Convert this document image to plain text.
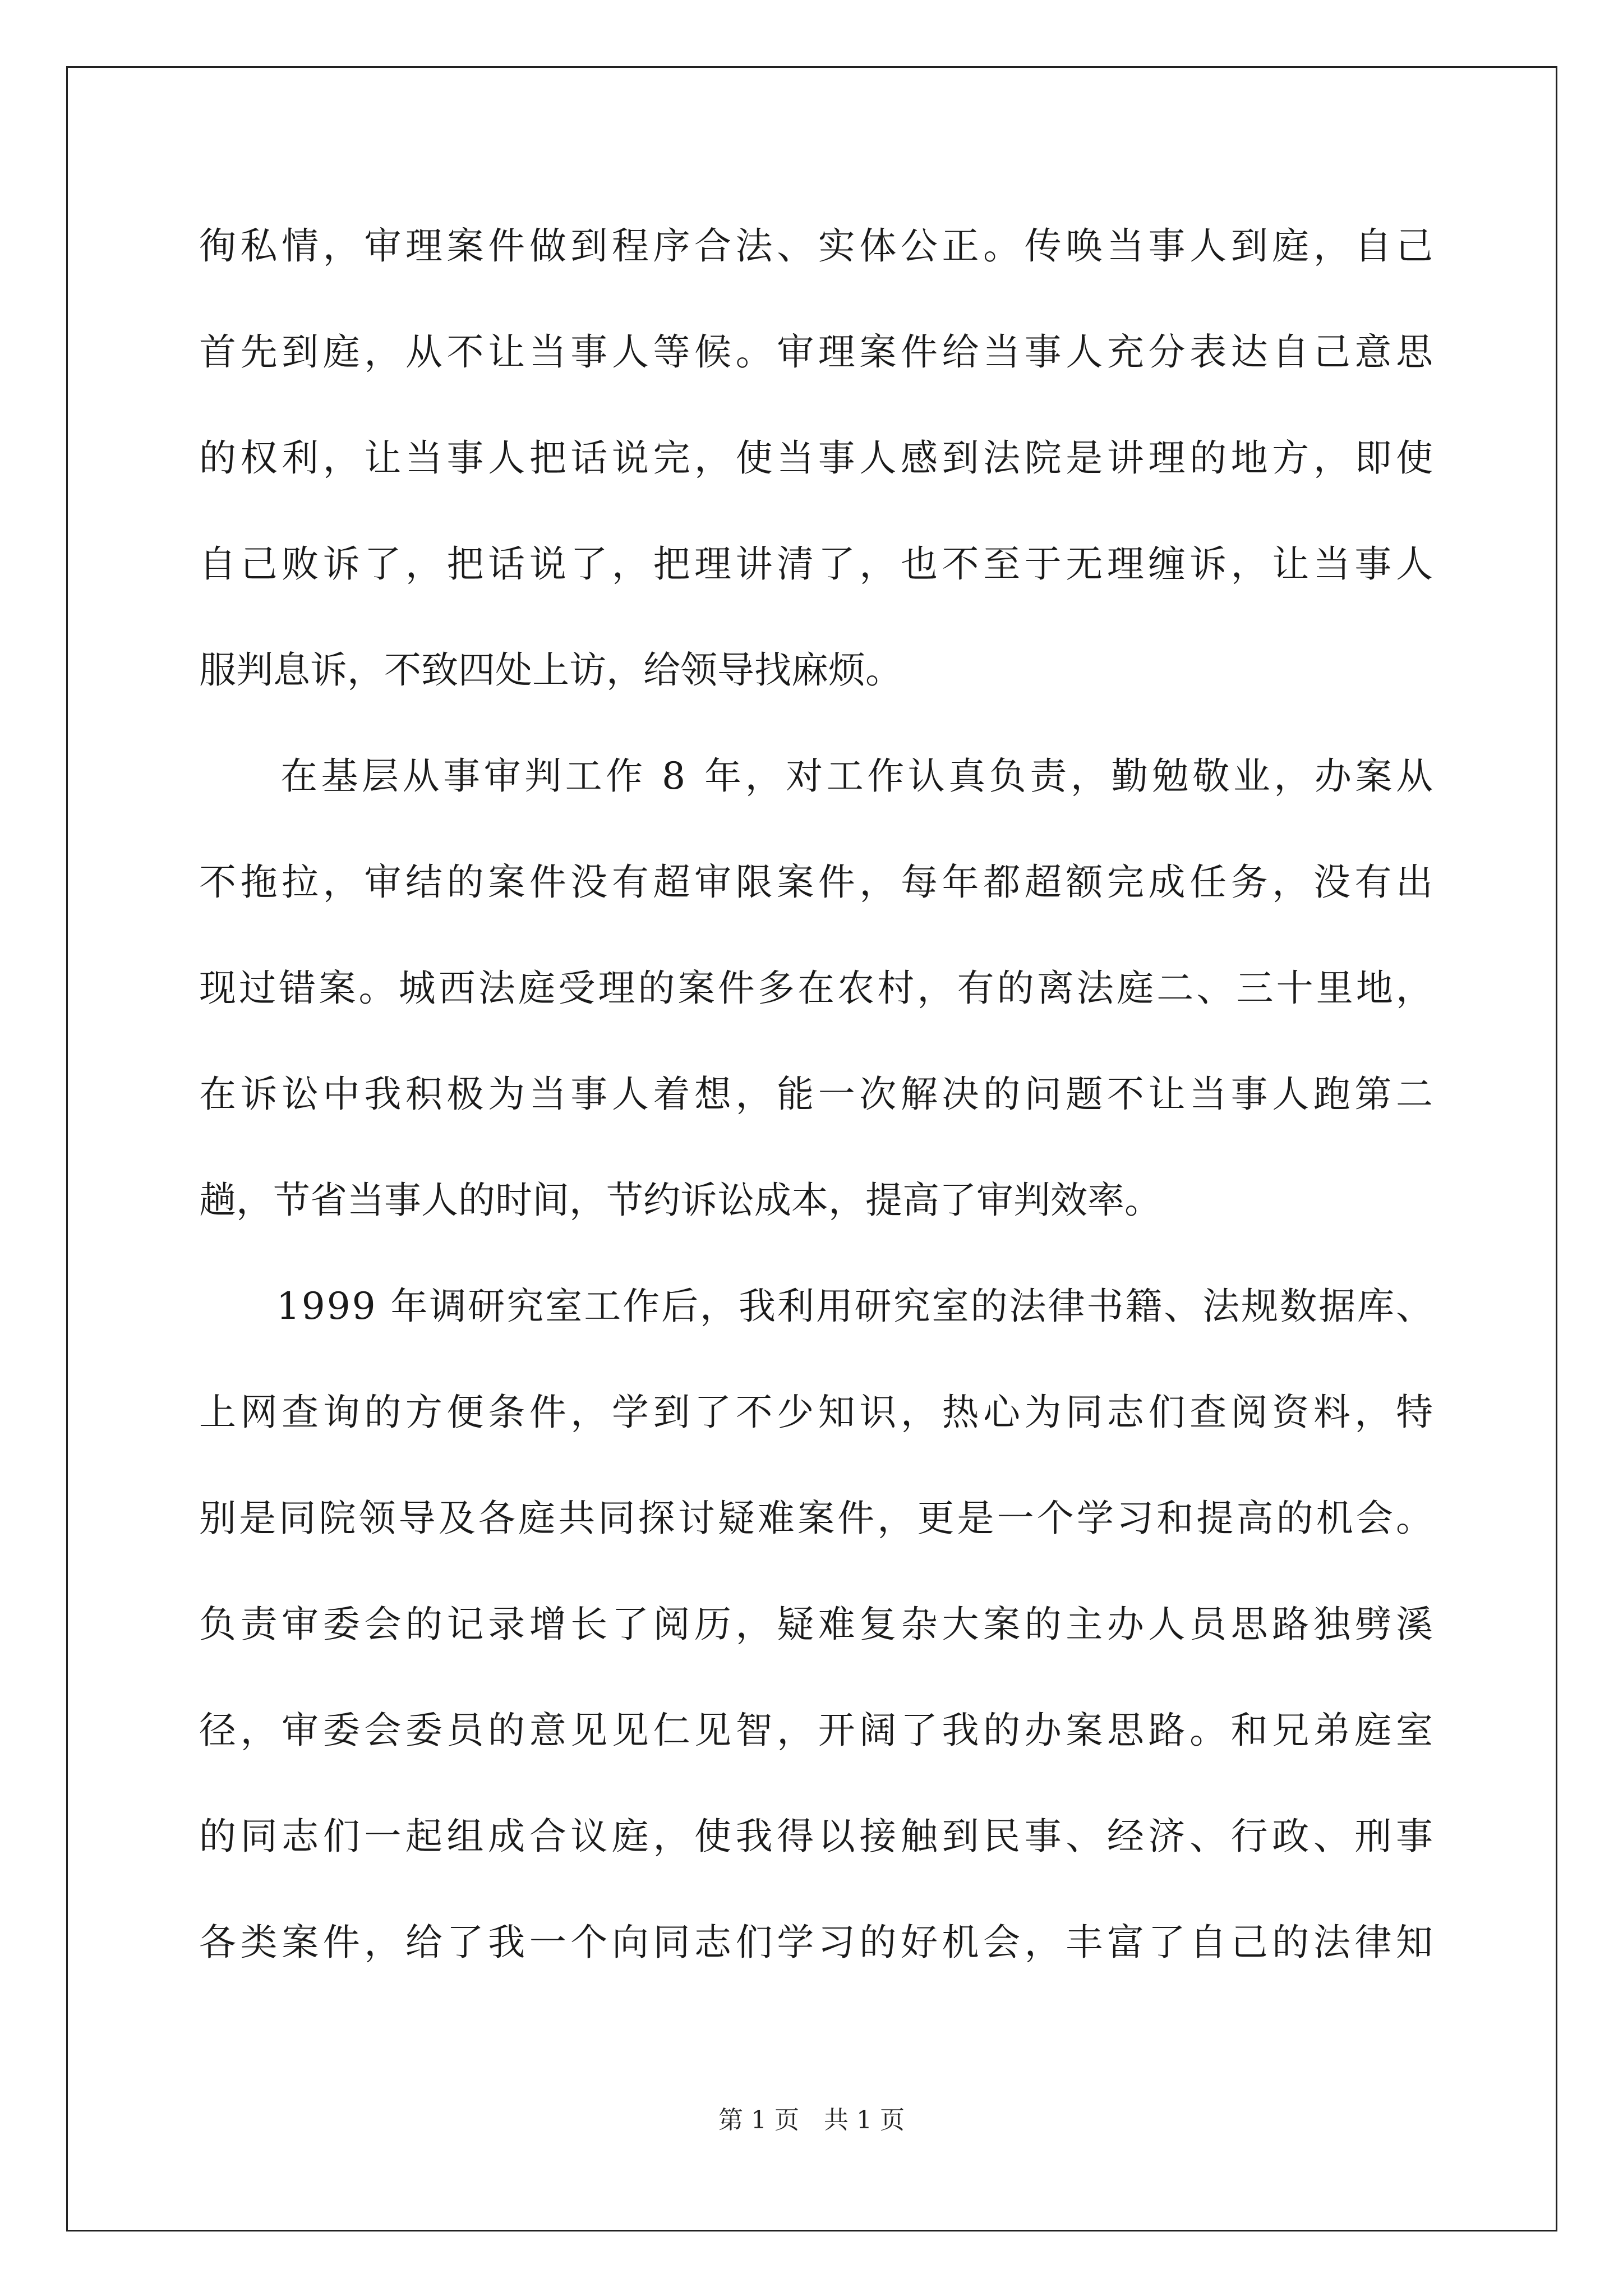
徇私情，审理案件做到程序合法、实体公正。传唤当事人到庭，自己
首先到庭，从不让当事人等候。审理案件给当事人充分表达自己意思
的权利，让当事人把话说完，使当事人感到法院是讲理的地方，即使
自己败诉了，把话说了，把理讲清了，也不至于无理缠诉，让当事人
服判息诉，不致四处上访，给领导找麻烦。
　　在基层从事审判工作 8 年，对工作认真负责，勤勉敬业，办案从
不拖拉，审结的案件没有超审限案件，每年都超额完成任务，没有出
现过错案。城西法庭受理的案件多在农村，有的离法庭二、三十里地，
在诉讼中我积极为当事人着想，能一次解决的问题不让当事人跑第二
趟，节省当事人的时间，节约诉讼成本，提高了审判效率。
　　1999 年调研究室工作后，我利用研究室的法律书籍、法规数据库、
上网查询的方便条件，学到了不少知识，热心为同志们查阅资料，特
别是同院领导及各庭共同探讨疑难案件，更是一个学习和提高的机会。
负责审委会的记录增长了阅历，疑难复杂大案的主办人员思路独劈溪
径，审委会委员的意见见仁见智，开阔了我的办案思路。和兄弟庭室
的同志们一起组成合议庭，使我得以接触到民事、经济、行政、刑事
各类案件，给了我一个向同志们学习的好机会，丰富了自己的法律知
第 1 页　共 1 页
